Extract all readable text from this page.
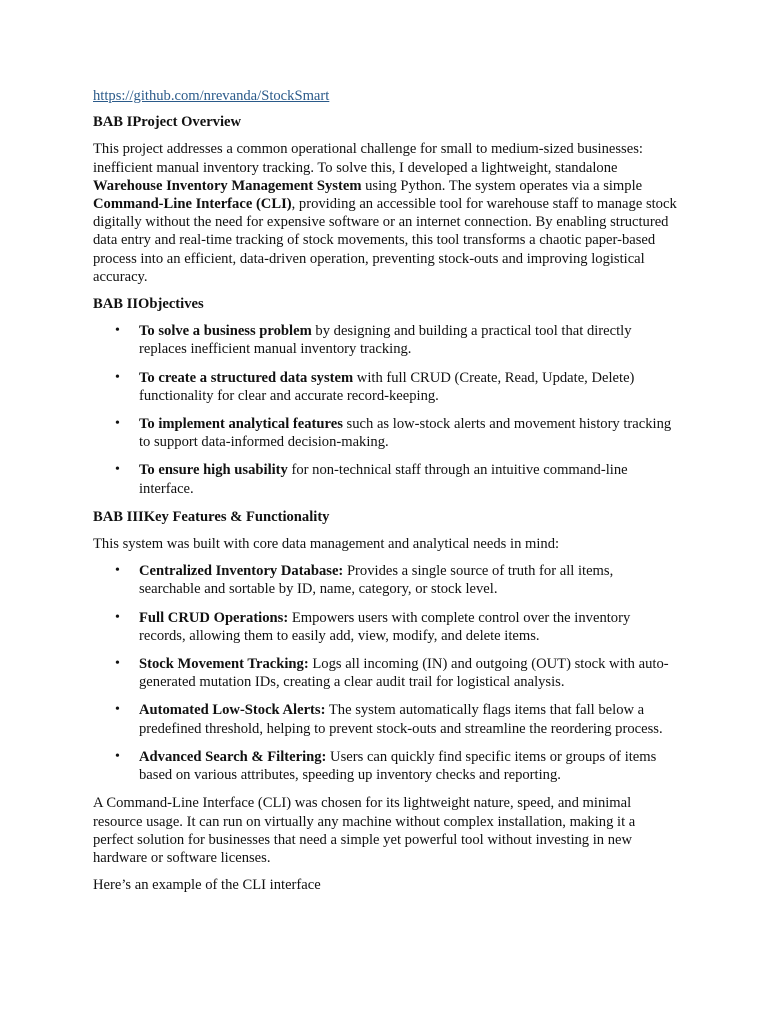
https://github.com/nrevanda/StockSmart
BAB IProject Overview

This project addresses a common operational challenge for small to medium-sized businesses: inefficient manual inventory tracking. To solve this, I developed a lightweight, standalone Warehouse Inventory Management System using Python. The system operates via a simple Command-Line Interface (CLI), providing an accessible tool for warehouse staff to manage stock digitally without the need for expensive software or an internet connection. By enabling structured data entry and real-time tracking of stock movements, this tool transforms a chaotic paper-based process into an efficient, data-driven operation, preventing stock-outs and improving logistical accuracy.

BAB IIObjectives
• To solve a business problem by designing and building a practical tool that directly replaces inefficient manual inventory tracking.
• To create a structured data system with full CRUD (Create, Read, Update, Delete) functionality for clear and accurate record-keeping.
• To implement analytical features such as low-stock alerts and movement history tracking to support data-informed decision-making.
• To ensure high usability for non-technical staff through an intuitive command-line interface.
BAB IIIKey Features & Functionality

This system was built with core data management and analytical needs in mind:

• Centralized Inventory Database: Provides a single source of truth for all items, searchable and sortable by ID, name, category, or stock level.
• Full CRUD Operations: Empowers users with complete control over the inventory records, allowing them to easily add, view, modify, and delete items.
• Stock Movement Tracking: Logs all incoming (IN) and outgoing (OUT) stock with auto-generated mutation IDs, creating a clear audit trail for logistical analysis.
• Automated Low-Stock Alerts: The system automatically flags items that fall below a predefined threshold, helping to prevent stock-outs and streamline the reordering process.
• Advanced Search & Filtering: Users can quickly find specific items or groups of items based on various attributes, speeding up inventory checks and reporting.

A Command-Line Interface (CLI) was chosen for its lightweight nature, speed, and minimal resource usage. It can run on virtually any machine without complex installation, making it a perfect solution for businesses that need a simple yet powerful tool without investing in new hardware or software licenses.

Here’s an example of the CLI interface
